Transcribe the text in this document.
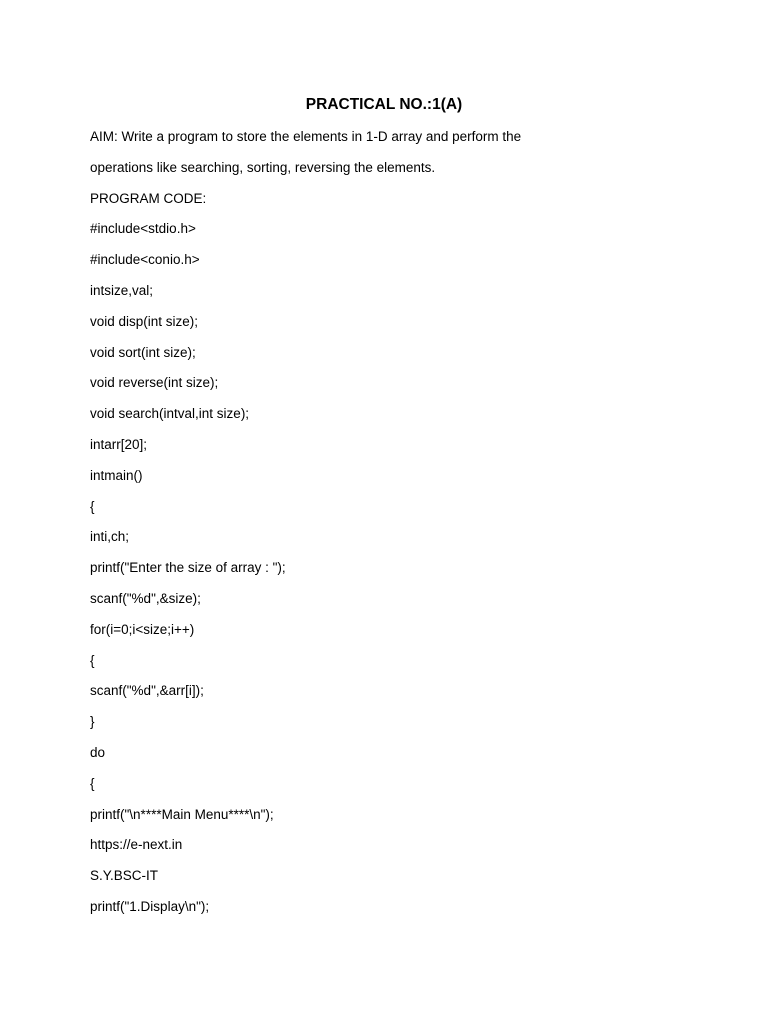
PRACTICAL NO.:1(A)
AIM: Write a program to store the elements in 1-D array and perform the
operations like searching, sorting, reversing the elements.
PROGRAM CODE:
#include<stdio.h>
#include<conio.h>
intsize,val;
void disp(int size);
void sort(int size);
void reverse(int size);
void search(intval,int size);
intarr[20];
intmain()
{
inti,ch;
printf("Enter the size of array : ");
scanf("%d",&size);
for(i=0;i<size;i++)
{
scanf("%d",&arr[i]);
}
do
{
printf("\n****Main Menu****\n");
https://e-next.in
S.Y.BSC-IT
printf("1.Display\n");
